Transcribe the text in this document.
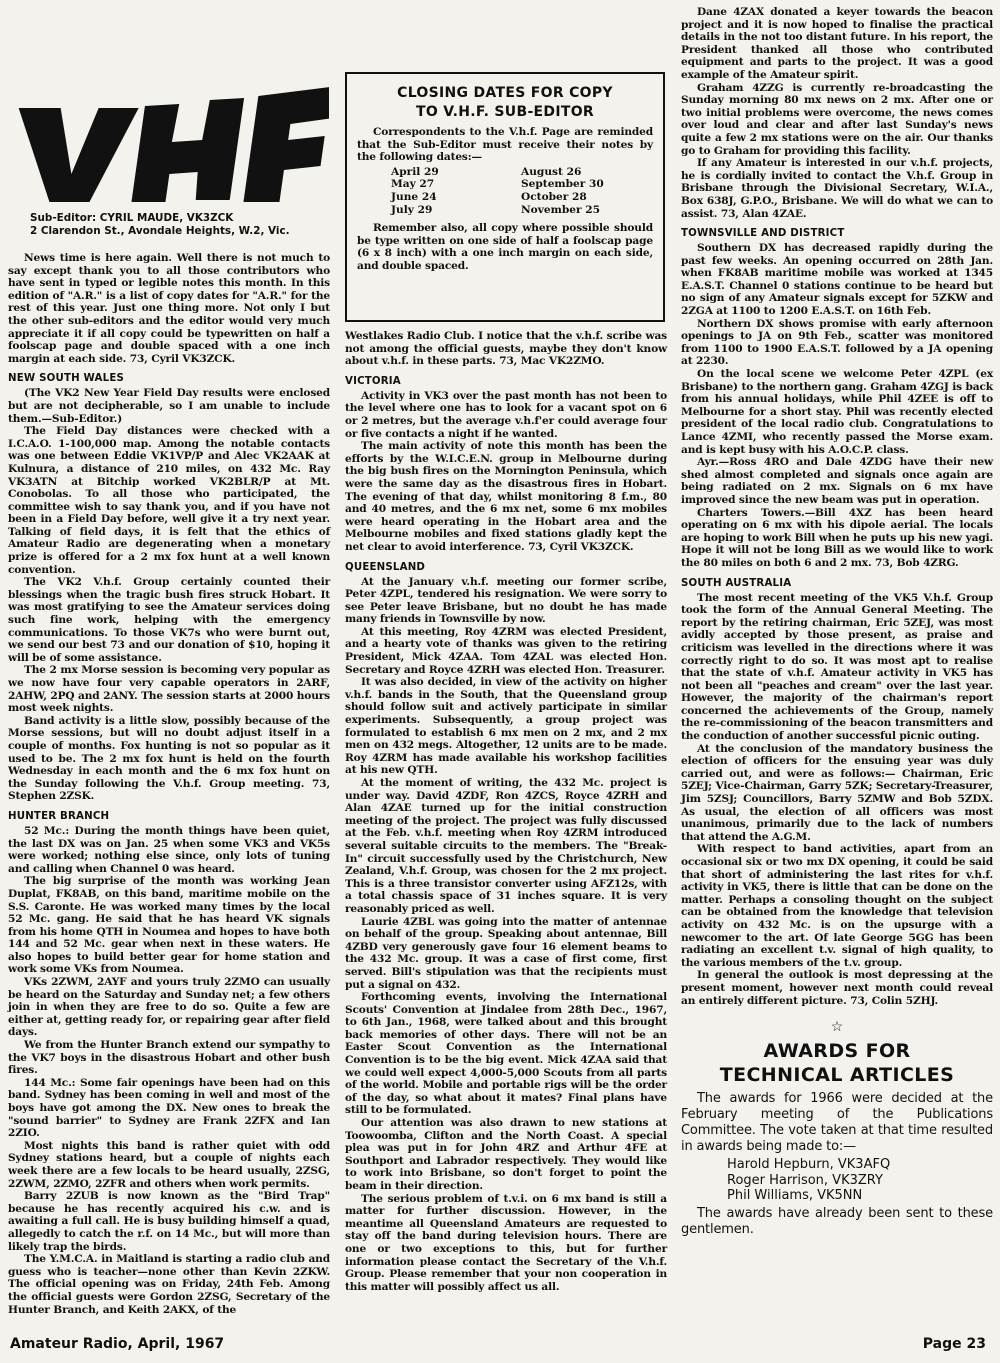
Sub-Editor: CYRIL MAUDE, VK3ZCK
2 Clarendon St., Avondale Heights, W.2, Vic.

News time is here again. Well there is not much to say except thank you to all those contributors who have sent in typed or legible notes this month. In this edition of "A.R." is a list of copy dates for "A.R." for the rest of this year. Just one thing more. Not only I but the other sub-editors and the editor would very much appreciate it if all copy could be typewritten on half a foolscap page and double spaced with a one inch margin at each side. 73, Cyril VK3ZCK.

NEW SOUTH WALES

(The VK2 New Year Field Day results were enclosed but are not decipherable, so I am unable to include them.—Sub-Editor.)

The Field Day distances were checked with a I.C.A.O. 1-100,000 map. Among the notable contacts was one between Eddie VK1VP/P and Alec VK2AAK at Kulnura, a distance of 210 miles, on 432 Mc. Ray VK3ATN at Bitchip worked VK2BLR/P at Mt. Conobolas. To all those who participated, the committee wish to say thank you, and if you have not been in a Field Day before, well give it a try next year. Talking of field days, it is felt that the ethics of Amateur Radio are degenerating when a monetary prize is offered for a 2 mx fox hunt at a well known convention.

The VK2 V.h.f. Group certainly counted their blessings when the tragic bush fires struck Hobart. It was most gratifying to see the Amateur services doing such fine work, helping with the emergency communications. To those VK7s who were burnt out, we send our best 73 and our donation of $10, hoping it will be of some assistance.

The 2 mx Morse session is becoming very popular as we now have four very capable operators in 2ARF, 2AHW, 2PQ and 2ANY. The session starts at 2000 hours most week nights.

Band activity is a little slow, possibly because of the Morse sessions, but will no doubt adjust itself in a couple of months. Fox hunting is not so popular as it used to be. The 2 mx fox hunt is held on the fourth Wednesday in each month and the 6 mx fox hunt on the Sunday following the V.h.f. Group meeting. 73, Stephen 2ZSK.

HUNTER BRANCH

52 Mc.: During the month things have been quiet, the last DX was on Jan. 25 when some VK3 and VK5s were worked; nothing else since, only lots of tuning and calling when Channel 0 was heard.

The big surprise of the month was working Jean Duplat, FK8AB, on this band, maritime mobile on the S.S. Caronte. He was worked many times by the local 52 Mc. gang. He said that he has heard VK signals from his home QTH in Noumea and hopes to have both 144 and 52 Mc. gear when next in these waters. He also hopes to build better gear for home station and work some VKs from Noumea.

VKs 2ZWM, 2AYF and yours truly 2ZMO can usually be heard on the Saturday and Sunday net; a few others join in when they are free to do so. Quite a few are either at, getting ready for, or repairing gear after field days.

We from the Hunter Branch extend our sympathy to the VK7 boys in the disastrous Hobart and other bush fires.

144 Mc.: Some fair openings have been had on this band. Sydney has been coming in well and most of the boys have got among the DX. New ones to break the "sound barrier" to Sydney are Frank 2ZFX and Ian 2ZIO.

Most nights this band is rather quiet with odd Sydney stations heard, but a couple of nights each week there are a few locals to be heard usually, 2ZSG, 2ZWM, 2ZMO, 2ZFR and others when work permits.

Barry 2ZUB is now known as the "Bird Trap" because he has recently acquired his c.w. and is awaiting a full call. He is busy building himself a quad, allegedly to catch the r.f. on 14 Mc., but will more than likely trap the birds.

The Y.M.C.A. in Maitland is starting a radio club and guess who is teacher—none other than Kevin 2ZKW. The official opening was on Friday, 24th Feb. Among the official guests were Gordon 2ZSG, Secretary of the Hunter Branch, and Keith 2AKX, of the

CLOSING DATES FOR COPY
TO V.H.F. SUB-EDITOR

Correspondents to the V.h.f. Page are reminded that the Sub-Editor must receive their notes by the following dates:—

April 29	August 26
May 27	September 30
June 24	October 28
July 29	November 25

Remember also, all copy where possible should be type written on one side of half a foolscap page (6 x 8 inch) with a one inch margin on each side, and double spaced.

Westlakes Radio Club. I notice that the v.h.f. scribe was not among the official guests, maybe they don't know about v.h.f. in these parts. 73, Mac VK2ZMO.

VICTORIA

Activity in VK3 over the past month has not been to the level where one has to look for a vacant spot on 6 or 2 metres, but the average v.h.f'er could average four or five contacts a night if he wanted.

The main activity of note this month has been the efforts by the W.I.C.E.N. group in Melbourne during the big bush fires on the Mornington Peninsula, which were the same day as the disastrous fires in Hobart. The evening of that day, whilst monitoring 8 f.m., 80 and 40 metres, and the 6 mx net, some 6 mx mobiles were heard operating in the Hobart area and the Melbourne mobiles and fixed stations gladly kept the net clear to avoid interference. 73, Cyril VK3ZCK.

QUEENSLAND

At the January v.h.f. meeting our former scribe, Peter 4ZPL, tendered his resignation. We were sorry to see Peter leave Brisbane, but no doubt he has made many friends in Townsville by now.

At this meeting, Roy 4ZRM was elected President, and a hearty vote of thanks was given to the retiring President, Mick 4ZAA. Tom 4ZAL was elected Hon. Secretary and Royce 4ZRH was elected Hon. Treasurer.

It was also decided, in view of the activity on higher v.h.f. bands in the South, that the Queensland group should follow suit and actively participate in similar experiments. Subsequently, a group project was formulated to establish 6 mx men on 2 mx, and 2 mx men on 432 megs. Altogether, 12 units are to be made. Roy 4ZRM has made available his workshop facilities at his new QTH.

At the moment of writing, the 432 Mc. project is under way. David 4ZDF, Ron 4ZCS, Royce 4ZRH and Alan 4ZAE turned up for the initial construction meeting of the project. The project was fully discussed at the Feb. v.h.f. meeting when Roy 4ZRM introduced several suitable circuits to the members. The "Break-In" circuit successfully used by the Christchurch, New Zealand, V.h.f. Group, was chosen for the 2 mx project. This is a three transistor converter using AFZ12s, with a total chassis space of 31 inches square. It is very reasonably priced as well.

Laurie 4ZBL was going into the matter of antennae on behalf of the group. Speaking about antennae, Bill 4ZBD very generously gave four 16 element beams to the 432 Mc. group. It was a case of first come, first served. Bill's stipulation was that the recipients must put a signal on 432.

Forthcoming events, involving the International Scouts' Convention at Jindalee from 28th Dec., 1967, to 6th Jan., 1968, were talked about and this brought back memories of other days. There will not be an Easter Scout Convention as the International Convention is to be the big event. Mick 4ZAA said that we could well expect 4,000-5,000 Scouts from all parts of the world. Mobile and portable rigs will be the order of the day, so what about it mates? Final plans have still to be formulated.

Our attention was also drawn to new stations at Toowoomba, Clifton and the North Coast. A special plea was put in for John 4RZ and Arthur 4FE at Southport and Labrador respectively. They would like to work into Brisbane, so don't forget to point the beam in their direction.

The serious problem of t.v.i. on 6 mx band is still a matter for further discussion. However, in the meantime all Queensland Amateurs are requested to stay off the band during television hours. There are one or two exceptions to this, but for further information please contact the Secretary of the V.h.f. Group. Please remember that your non cooperation in this matter will possibly affect us all.

Dane 4ZAX donated a keyer towards the beacon project and it is now hoped to finalise the practical details in the not too distant future. In his report, the President thanked all those who contributed equipment and parts to the project. It was a good example of the Amateur spirit.

Graham 4ZZG is currently re-broadcasting the Sunday morning 80 mx news on 2 mx. After one or two initial problems were overcome, the news comes over loud and clear and after last Sunday's news quite a few 2 mx stations were on the air. Our thanks go to Graham for providing this facility.

If any Amateur is interested in our v.h.f. projects, he is cordially invited to contact the V.h.f. Group in Brisbane through the Divisional Secretary, W.I.A., Box 638J, G.P.O., Brisbane. We will do what we can to assist. 73, Alan 4ZAE.

TOWNSVILLE AND DISTRICT

Southern DX has decreased rapidly during the past few weeks. An opening occurred on 28th Jan. when FK8AB maritime mobile was worked at 1345 E.A.S.T. Channel 0 stations continue to be heard but no sign of any Amateur signals except for 5ZKW and 2ZGA at 1100 to 1200 E.A.S.T. on 16th Feb.

Northern DX shows promise with early afternoon openings to JA on 9th Feb., scatter was monitored from 1100 to 1900 E.A.S.T. followed by a JA opening at 2230.

On the local scene we welcome Peter 4ZPL (ex Brisbane) to the northern gang. Graham 4ZGJ is back from his annual holidays, while Phil 4ZEE is off to Melbourne for a short stay. Phil was recently elected president of the local radio club. Congratulations to Lance 4ZMI, who recently passed the Morse exam. and is kept busy with his A.O.C.P. class.

Ayr.—Ross 4RO and Dale 4ZDG have their new shed almost completed and signals once again are being radiated on 2 mx. Signals on 6 mx have improved since the new beam was put in operation.

Charters Towers.—Bill 4XZ has been heard operating on 6 mx with his dipole aerial. The locals are hoping to work Bill when he puts up his new yagi. Hope it will not be long Bill as we would like to work the 80 miles on both 6 and 2 mx. 73, Bob 4ZRG.

SOUTH AUSTRALIA

The most recent meeting of the VK5 V.h.f. Group took the form of the Annual General Meeting. The report by the retiring chairman, Eric 5ZEJ, was most avidly accepted by those present, as praise and criticism was levelled in the directions where it was correctly right to do so. It was most apt to realise that the state of v.h.f. Amateur activity in VK5 has not been all "peaches and cream" over the last year. However, the majority of the chairman's report concerned the achievements of the Group, namely the re-commissioning of the beacon transmitters and the conduction of another successful picnic outing.

At the conclusion of the mandatory business the election of officers for the ensuing year was duly carried out, and were as follows:— Chairman, Eric 5ZEJ; Vice-Chairman, Garry 5ZK; Secretary-Treasurer, Jim 5ZSJ; Councillors, Barry 5ZMW and Bob 5ZDX. As usual, the election of all officers was most unanimous, primarily due to the lack of numbers that attend the A.G.M.

With respect to band activities, apart from an occasional six or two mx DX opening, it could be said that short of administering the last rites for v.h.f. activity in VK5, there is little that can be done on the matter. Perhaps a consoling thought on the subject can be obtained from the knowledge that television activity on 432 Mc. is on the upsurge with a newcomer to the art. Of late George 5GG has been radiating an excellent t.v. signal of high quality, to the various members of the t.v. group.

In general the outlook is most depressing at the present moment, however next month could reveal an entirely different picture. 73, Colin 5ZHJ.

☆
AWARDS FOR
TECHNICAL ARTICLES

The awards for 1966 were decided at the February meeting of the Publications Committee. The vote taken at that time resulted in awards being made to:—

Harold Hepburn, VK3AFQ
Roger Harrison, VK3ZRY
Phil Williams, VK5NN

The awards have already been sent to these gentlemen.

Amateur Radio, April, 1967	Page 23
